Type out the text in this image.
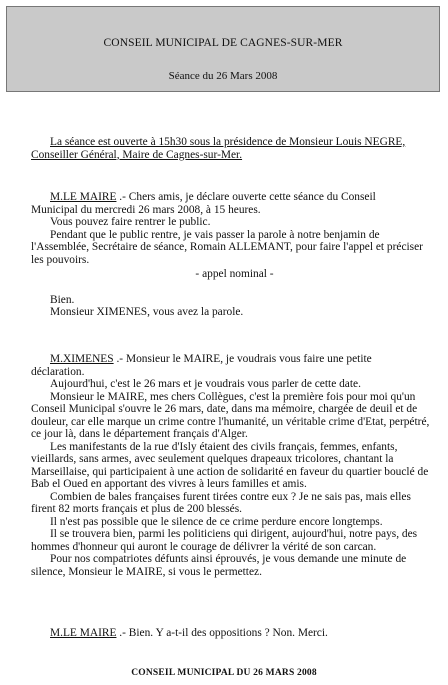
CONSEIL MUNICIPAL DE CAGNES-SUR-MER
Séance du 26 Mars 2008

La séance est ouverte à 15h30 sous la présidence de Monsieur Louis NEGRE,

Conseiller Général, Maire de Cagnes-sur-Mer.

M.LE MAIRE .- Chers amis, je déclare ouverte cette séance du Conseil

Municipal du mercredi 26 mars 2008, à 15 heures.

Vous pouvez faire rentrer le public.

Pendant que le public rentre, je vais passer la parole à notre benjamin de

l'Assemblée, Secrétaire de séance, Romain ALLEMANT, pour faire l'appel et préciser

les pouvoirs.

- appel nominal -

Bien.

Monsieur XIMENES, vous avez la parole.

M.XIMENES .- Monsieur le MAIRE, je voudrais vous faire une petite

déclaration.

Aujourd'hui, c'est le 26 mars et je voudrais vous parler de cette date.

Monsieur le MAIRE, mes chers Collègues, c'est la première fois pour moi qu'un

Conseil Municipal s'ouvre le 26 mars, date, dans ma mémoire, chargée de deuil et de

douleur, car elle marque un crime contre l'humanité, un véritable crime d'Etat, perpétré,

ce jour là, dans le département français d'Alger.

Les manifestants de la rue d'Isly étaient des civils français, femmes, enfants,

vieillards, sans armes, avec seulement quelques drapeaux tricolores, chantant la

Marseillaise, qui participaient à une action de solidarité en faveur du quartier bouclé de

Bab el Oued en apportant des vivres à leurs familles et amis.

Combien de bales françaises furent tirées contre eux ? Je ne sais pas, mais elles

firent 82 morts français et plus de 200 blessés.

Il n'est pas possible que le silence de ce crime perdure encore longtemps.

Il se trouvera bien, parmi les politiciens qui dirigent, aujourd'hui, notre pays, des

hommes d'honneur qui auront le courage de délivrer la vérité de son carcan.

Pour nos compatriotes défunts ainsi éprouvés, je vous demande une minute de

silence, Monsieur le MAIRE, si vous le permettez.

M.LE MAIRE .- Bien. Y a-t-il des oppositions ? Non. Merci.

CONSEIL MUNICIPAL DU 26 MARS 2008
